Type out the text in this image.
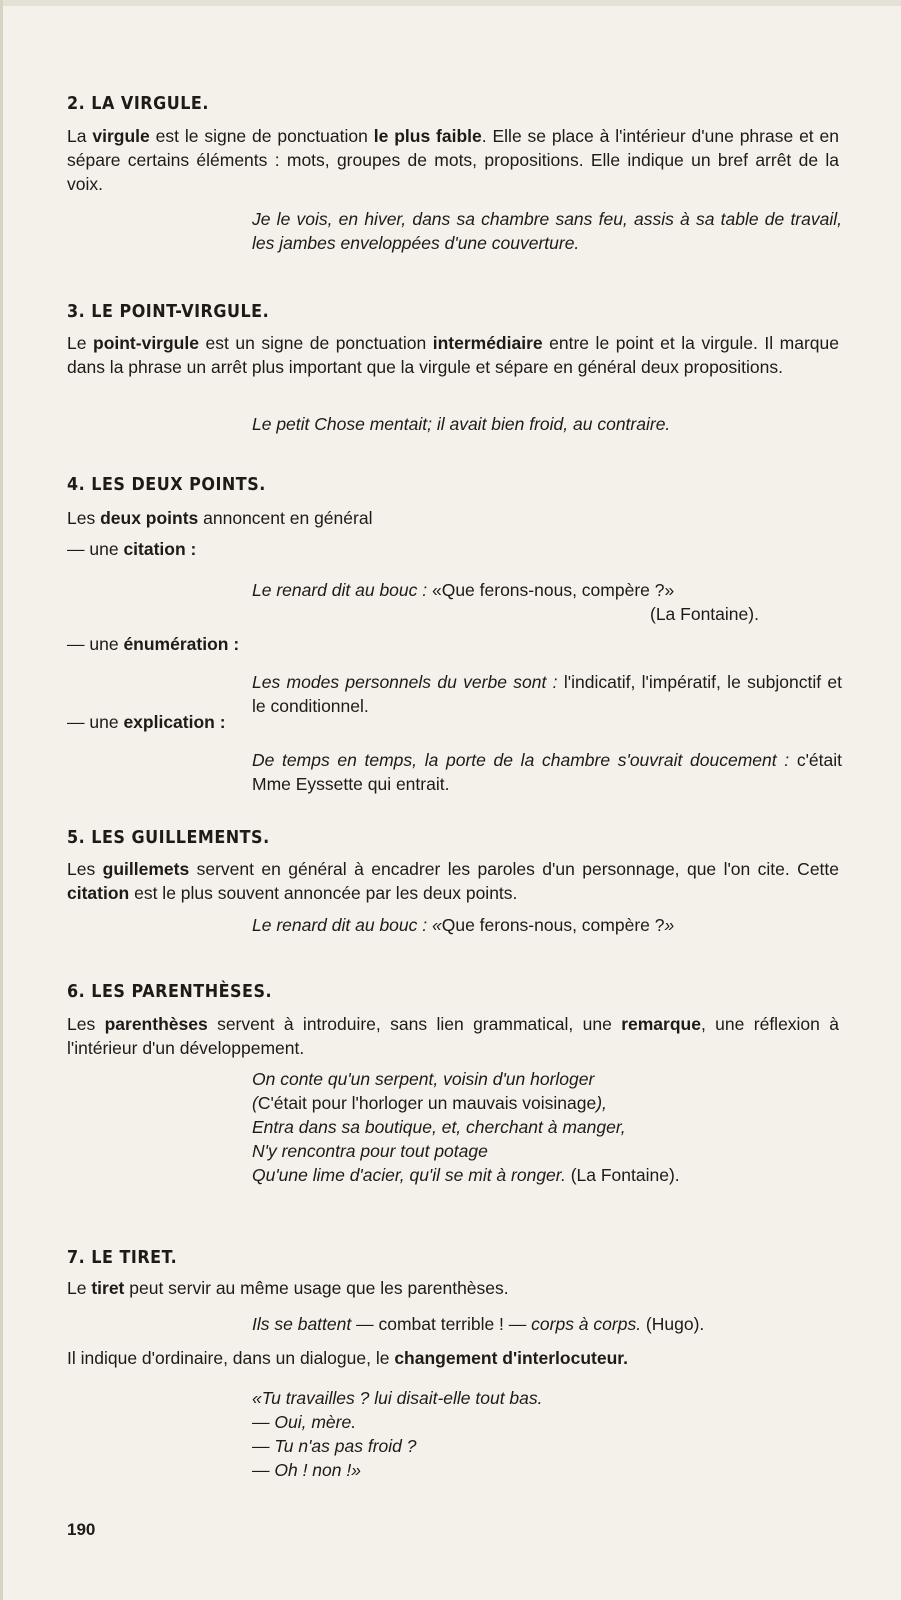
2. LA VIRGULE.

La virgule est le signe de ponctuation le plus faible. Elle se place à l'intérieur d'une phrase et en sépare certains éléments : mots, groupes de mots, propositions. Elle indique un bref arrêt de la voix.

Je le vois, en hiver, dans sa chambre sans feu, assis à sa table de travail, les jambes enveloppées d'une couverture.

3. LE POINT-VIRGULE.

Le point-virgule est un signe de ponctuation intermédiaire entre le point et la virgule. Il marque dans la phrase un arrêt plus important que la virgule et sépare en général deux propositions.

Le petit Chose mentait; il avait bien froid, au contraire.

4. LES DEUX POINTS.

Les deux points annoncent en général

— une citation :

Le renard dit au bouc : «Que ferons-nous, compère ?»

(La Fontaine).

— une énumération :

Les modes personnels du verbe sont : l'indicatif, l'impératif, le subjonctif et le conditionnel.

— une explication :

De temps en temps, la porte de la chambre s'ouvrait doucement : c'était Mme Eyssette qui entrait.

5. LES GUILLEMENTS.

Les guillemets servent en général à encadrer les paroles d'un personnage, que l'on cite. Cette citation est le plus souvent annoncée par les deux points.

Le renard dit au bouc : «Que ferons-nous, compère ?»

6. LES PARENTHÈSES.

Les parenthèses servent à introduire, sans lien grammatical, une remarque, une réflexion à l'intérieur d'un développement.

On conte qu'un serpent, voisin d'un horloger
(C'était pour l'horloger un mauvais voisinage),
Entra dans sa boutique, et, cherchant à manger,
N'y rencontra pour tout potage
Qu'une lime d'acier, qu'il se mit à ronger. (La Fontaine).
7. LE TIRET.

Le tiret peut servir au même usage que les parenthèses.

Ils se battent — combat terrible ! — corps à corps. (Hugo).

Il indique d'ordinaire, dans un dialogue, le changement d'interlocuteur.

«Tu travailles ? lui disait-elle tout bas.
— Oui, mère.
— Tu n'as pas froid ?
— Oh ! non !»
190
